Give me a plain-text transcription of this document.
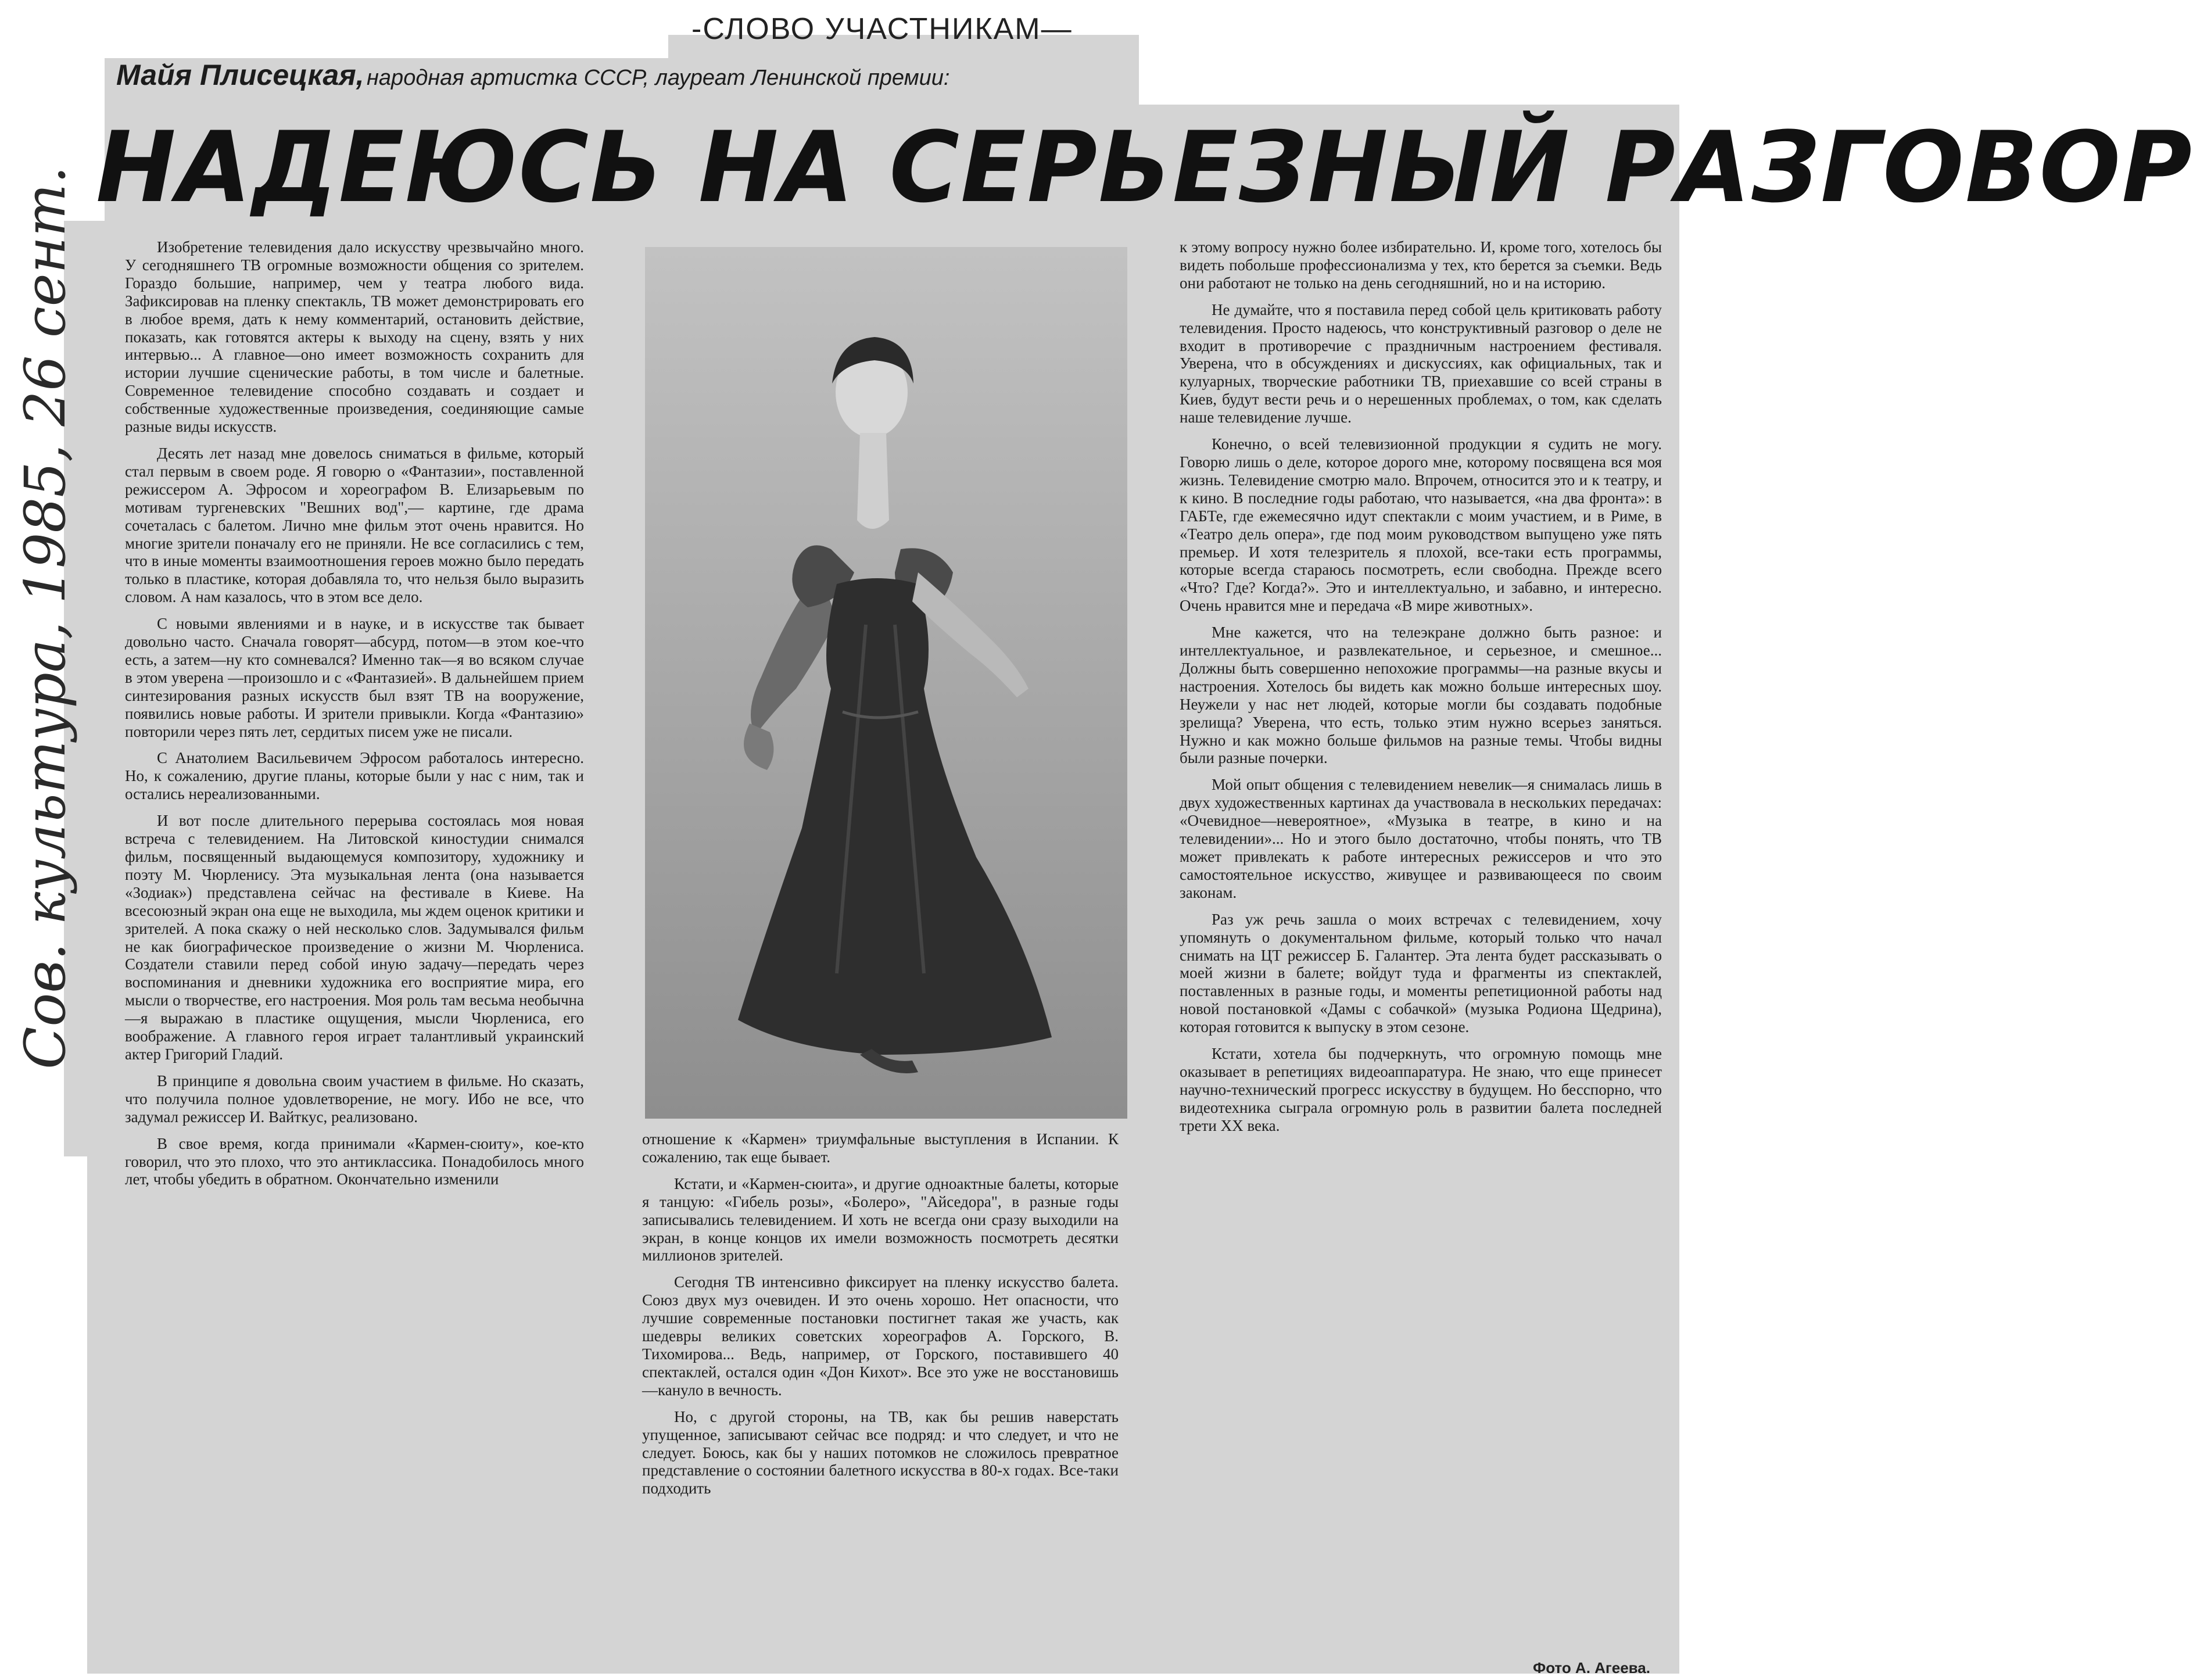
-СЛОВО УЧАСТНИКАМ—
Майя Плисецкая, народная артистка СССР, лауреат Ленинской премии:
НАДЕЮСЬ НА СЕРЬЕЗНЫЙ РАЗГОВОР
Сов. культура, 1985, 26 сент.	Изобретение телевидения дало искусству чрезвычайно много. У сегодняшнего ТВ огромные возможности общения со зрителем. Гораздо большие, например, чем у театра любого вида. Зафиксировав на пленку спектакль, ТВ может демонстрировать его в любое время, дать к нему комментарий, остановить действие, показать, как готовятся актеры к выходу на сцену, взять у них интервью... А главное—оно имеет возможность сохранить для истории лучшие сценические работы, в том числе и балетные. Современное телевидение способно создавать и создает и собственные художественные произведения, соединяющие самые разные виды искусств.

Десять лет назад мне довелось сниматься в фильме, который стал первым в своем роде. Я говорю о «Фантазии», поставленной режиссером А. Эфросом и хореографом В. Елизарьевым по мотивам тургеневских "Вешних вод",— картине, где драма сочеталась с балетом. Лично мне фильм этот очень нравится. Но многие зрители поначалу его не приняли. Не все согласились с тем, что в иные моменты взаимоотношения героев можно было передать только в пластике, которая добавляла то, что нельзя было выразить словом. А нам казалось, что в этом все дело.

С новыми явлениями и в науке, и в искусстве так бывает довольно часто. Сначала говорят—абсурд, потом—в этом кое-что есть, а затем—ну кто сомневался? Именно так—я во всяком случае в этом уверена —произошло и с «Фантазией». В дальнейшем прием синтезирования разных искусств был взят ТВ на вооружение, появились новые работы. И зрители привыкли. Когда «Фантазию» повторили через пять лет, сердитых писем уже не писали.

С Анатолием Васильевичем Эфросом работалось интересно. Но, к сожалению, другие планы, которые были у нас с ним, так и остались нереализованными.

И вот после длительного перерыва состоялась моя новая встреча с телевидением. На Литовской киностудии снимался фильм, посвященный выдающемуся композитору, художнику и поэту М. Чюрленису. Эта музыкальная лента (она называется «Зодиак») представлена сейчас на фестивале в Киеве. На всесоюзный экран она еще не выходила, мы ждем оценок критики и зрителей. А пока скажу о ней несколько слов. Задумывался фильм не как биографическое произведение о жизни М. Чюрлениса. Создатели ставили перед собой иную задачу—передать через воспоминания и дневники художника его восприятие мира, его мысли о творчестве, его настроения. Моя роль там весьма необычна—я выражаю в пластике ощущения, мысли Чюрлениса, его воображение. А главного героя играет талантливый украинский актер Григорий Гладий.

В принципе я довольна своим участием в фильме. Но сказать, что получила полное удовлетворение, не могу. Ибо не все, что задумал режиссер И. Вайткус, реализовано.

В свое время, когда принимали «Кармен-сюиту», кое-кто говорил, что это плохо, что это антиклассика. Понадобилось много лет, чтобы убедить в обратном. Окончательно изменили

отношение к «Кармен» триумфальные выступления в Испании. К сожалению, так еще бывает.

Кстати, и «Кармен-сюита», и другие одноактные балеты, которые я танцую: «Гибель розы», «Болеро», "Айседора", в разные годы записывались телевидением. И хоть не всегда они сразу выходили на экран, в конце концов их имели возможность посмотреть десятки миллионов зрителей.

Сегодня ТВ интенсивно фиксирует на пленку искусство балета. Союз двух муз очевиден. И это очень хорошо. Нет опасности, что лучшие современные постановки постигнет такая же участь, как шедевры великих советских хореографов А. Горского, В. Тихомирова... Ведь, например, от Горского, поставившего 40 спектаклей, остался один «Дон Кихот». Все это уже не восстановишь—кануло в вечность.

Но, с другой стороны, на ТВ, как бы решив наверстать упущенное, записывают сейчас все подряд: и что следует, и что не следует. Боюсь, как бы у наших потомков не сложилось превратное представление о состоянии балетного искусства в 80-х годах. Все-таки подходить

к этому вопросу нужно более избирательно. И, кроме того, хотелось бы видеть побольше профессионализма у тех, кто берется за съемки. Ведь они работают не только на день сегодняшний, но и на историю.

Не думайте, что я поставила перед собой цель критиковать работу телевидения. Просто надеюсь, что конструктивный разговор о деле не входит в противоречие с праздничным настроением фестиваля. Уверена, что в обсуждениях и дискуссиях, как официальных, так и кулуарных, творческие работники ТВ, приехавшие со всей страны в Киев, будут вести речь и о нерешенных проблемах, о том, как сделать наше телевидение лучше.

Конечно, о всей телевизионной продукции я судить не могу. Говорю лишь о деле, которое дорого мне, которому посвящена вся моя жизнь. Телевидение смотрю мало. Впрочем, относится это и к театру, и к кино. В последние годы работаю, что называется, «на два фронта»: в ГАБТе, где ежемесячно идут спектакли с моим участием, и в Риме, в «Театро дель опера», где под моим руководством выпущено уже пять премьер. И хотя телезритель я плохой, все-таки есть программы, которые всегда стараюсь посмотреть, если свободна. Прежде всего «Что? Где? Когда?». Это и интеллектуально, и забавно, и интересно. Очень нравится мне и передача «В мире животных».

Мне кажется, что на телеэкране должно быть разное: и интеллектуальное, и развлекательное, и серьезное, и смешное... Должны быть совершенно непохожие программы—на разные вкусы и настроения. Хотелось бы видеть как можно больше интересных шоу. Неужели у нас нет людей, которые могли бы создавать подобные зрелища? Уверена, что есть, только этим нужно всерьез заняться. Нужно и как можно больше фильмов на разные темы. Чтобы видны были разные почерки.

Мой опыт общения с телевидением невелик—я снималась лишь в двух художественных картинах да участвовала в нескольких передачах: «Очевидное—невероятное», «Музыка в театре, в кино и на телевидении»... Но и этого было достаточно, чтобы понять, что ТВ может привлекать к работе интересных режиссеров и что это самостоятельное искусство, живущее и развивающееся по своим законам.

Раз уж речь зашла о моих встречах с телевидением, хочу упомянуть о документальном фильме, который только что начал снимать на ЦТ режиссер Б. Галантер. Эта лента будет рассказывать о моей жизни в балете; войдут туда и фрагменты из спектаклей, поставленных в разные годы, и моменты репетиционной работы над новой постановкой «Дамы с собачкой» (музыка Родиона Щедрина), которая готовится к выпуску в этом сезоне.

Кстати, хотела бы подчеркнуть, что огромную помощь мне оказывает в репетициях видеоаппаратура. Не знаю, что еще принесет научно-технический прогресс искусству в будущем. Но бесспорно, что видеотехника сыграла огромную роль в развитии балета последней трети XX века.

Фото А. Агеева.
